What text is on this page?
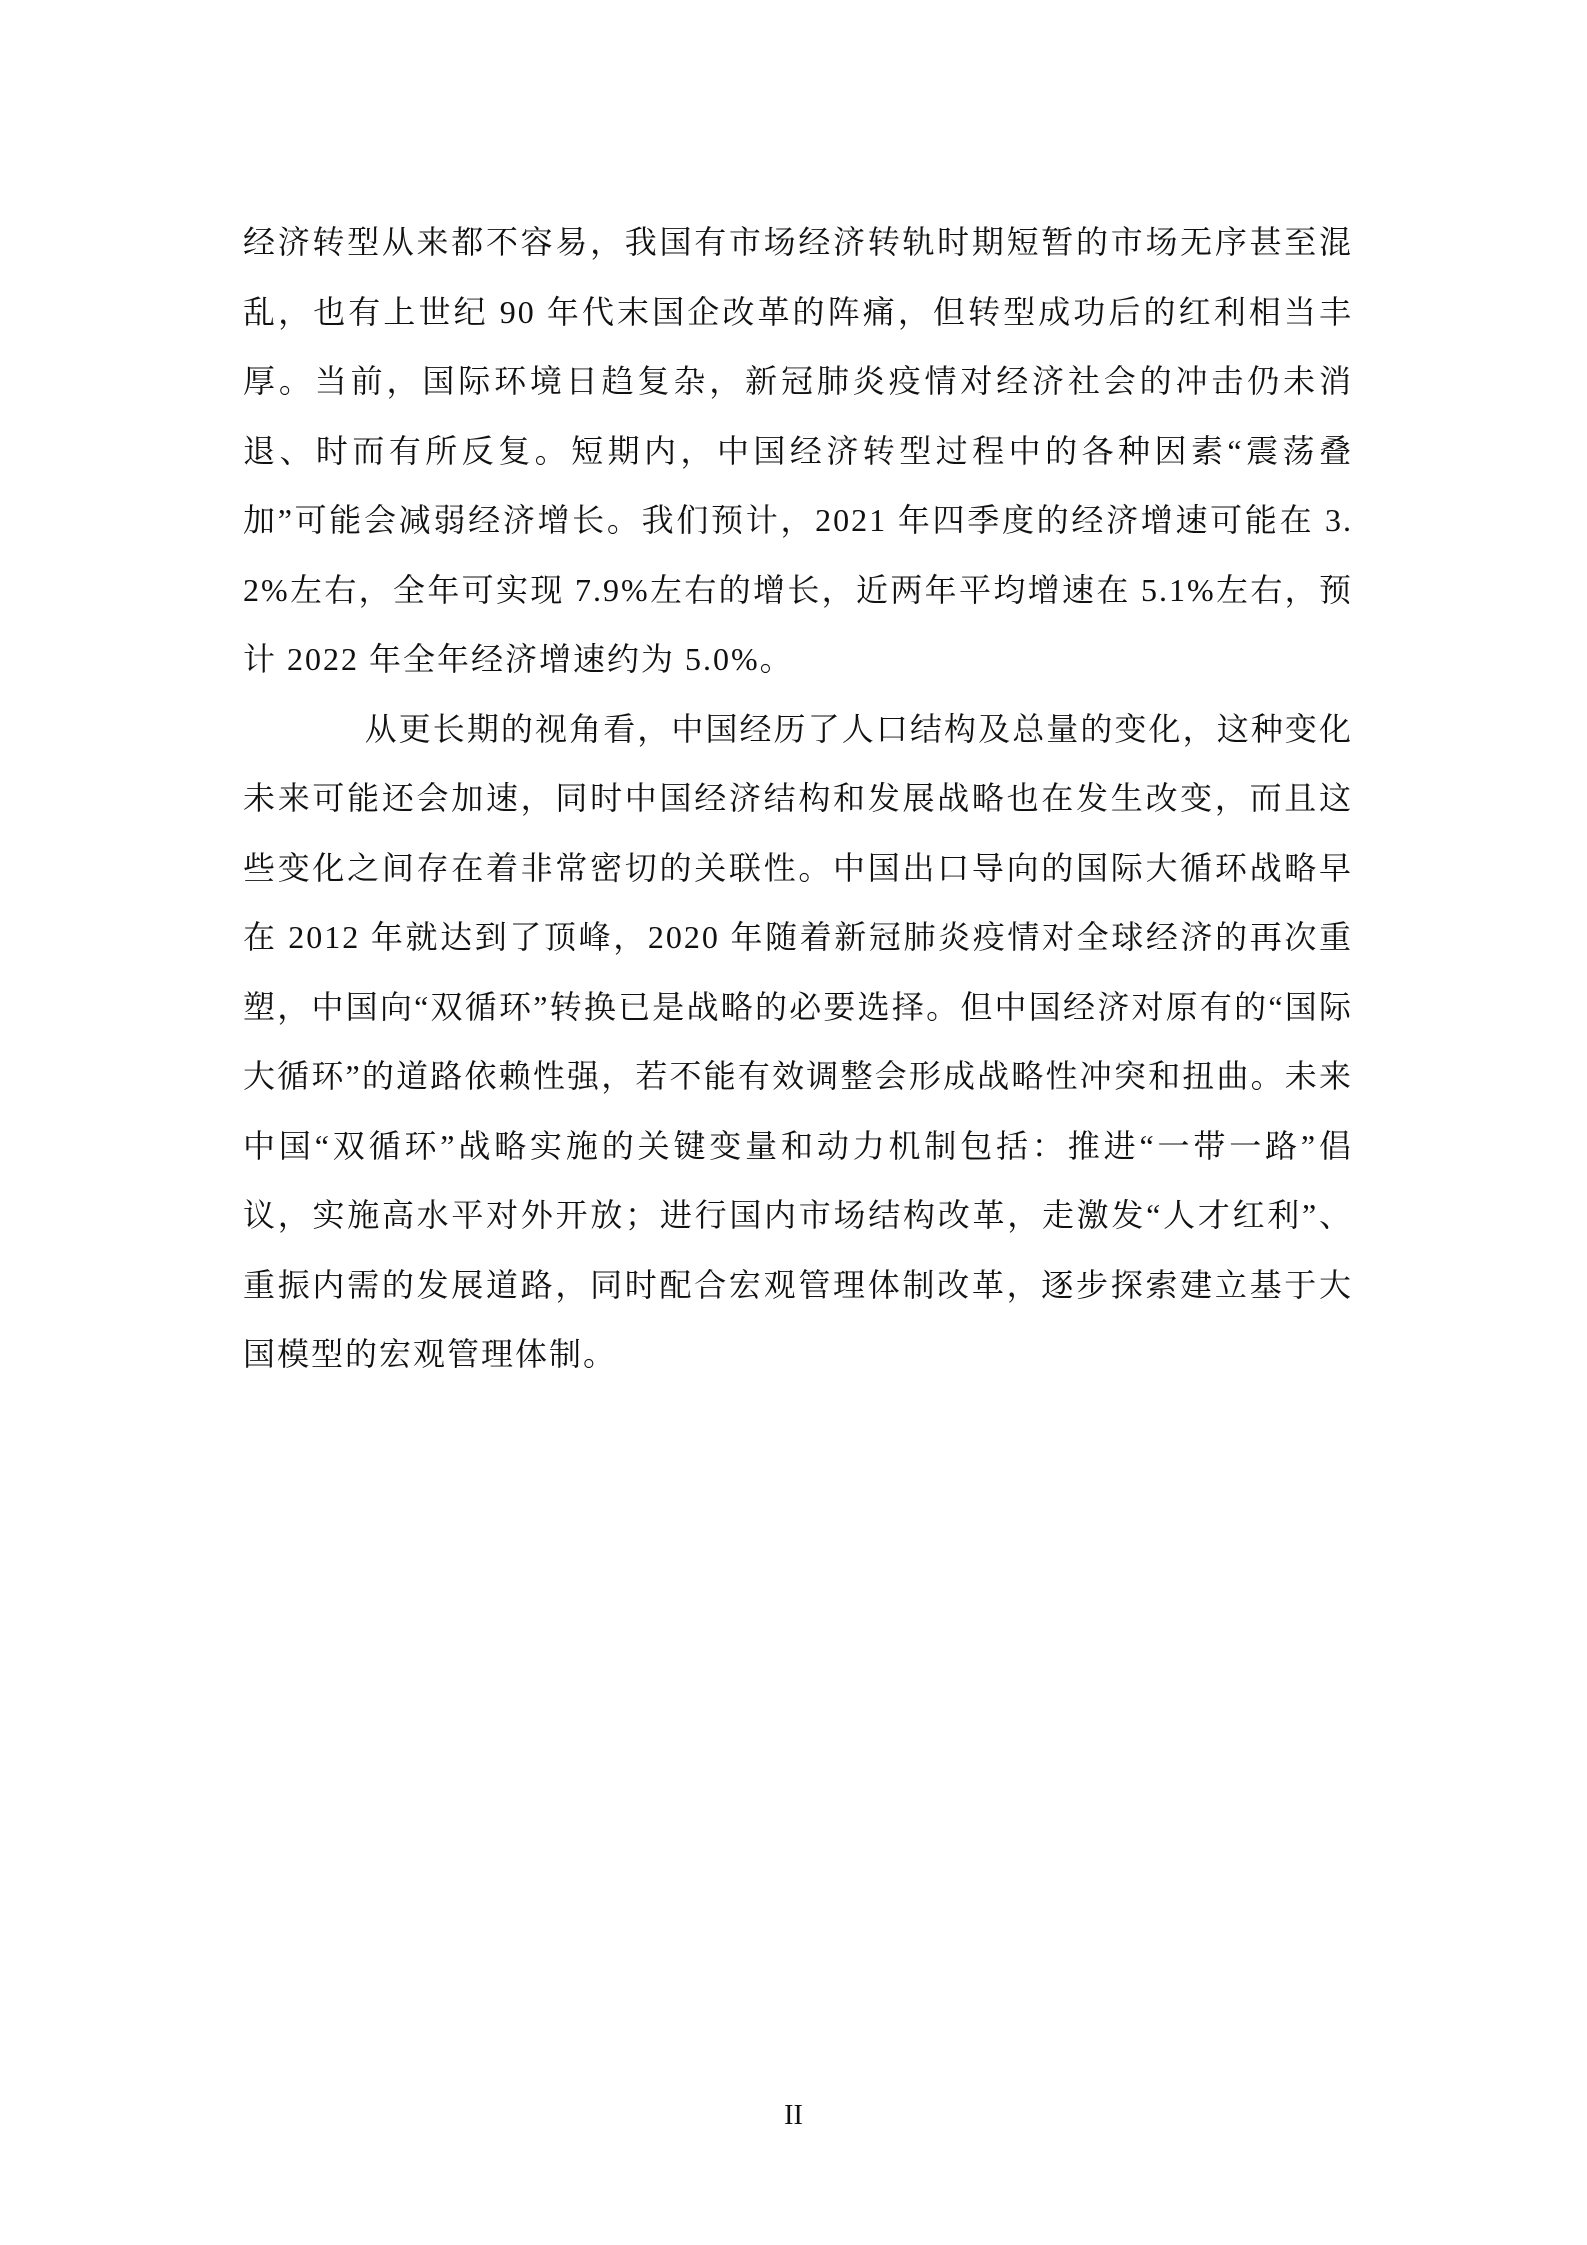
经济转型从来都不容易，我国有市场经济转轨时期短暂的市场无序甚至混乱，也有上世纪 90 年代末国企改革的阵痛，但转型成功后的红利相当丰厚。当前，国际环境日趋复杂，新冠肺炎疫情对经济社会的冲击仍未消退、时而有所反复。短期内，中国经济转型过程中的各种因素“震荡叠加”可能会减弱经济增长。我们预计，2021 年四季度的经济增速可能在 3.2%左右，全年可实现 7.9%左右的增长，近两年平均增速在 5.1%左右，预计 2022 年全年经济增速约为 5.0%。

从更长期的视角看，中国经历了人口结构及总量的变化，这种变化未来可能还会加速，同时中国经济结构和发展战略也在发生改变，而且这些变化之间存在着非常密切的关联性。中国出口导向的国际大循环战略早在 2012 年就达到了顶峰，2020 年随着新冠肺炎疫情对全球经济的再次重塑，中国向“双循环”转换已是战略的必要选择。但中国经济对原有的“国际大循环”的道路依赖性强，若不能有效调整会形成战略性冲突和扭曲。未来中国“双循环”战略实施的关键变量和动力机制包括：推进“一带一路”倡议，实施高水平对外开放；进行国内市场结构改革，走激发“人才红利”、重振内需的发展道路，同时配合宏观管理体制改革，逐步探索建立基于大国模型的宏观管理体制。

II
